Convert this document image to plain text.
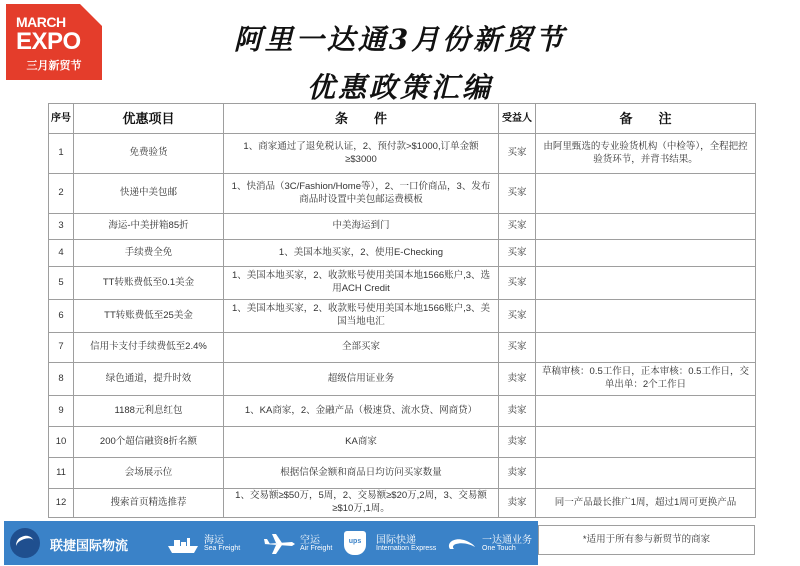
MARCH
EXPO
三月新贸节
阿里一达通3月份新贸节
优惠政策汇编
序号	优惠项目	条　　件	受益人	备　　注
1	免费验货	1、商家通过了退免税认证，2、预付款>$1000,订单金额≥$3000	买家	由阿里甄选的专业验货机构（中检等），全程把控验货环节，并背书结果。
2	快递中美包邮	1、快消品（3C/Fashion/Home等），2、一口价商品，3、发布商品时设置中美包邮运费模板	买家	
3	海运-中美拼箱85折	中美海运到门	买家	
4	手续费全免	1、美国本地买家，2、使用E-Checking	买家	
5	TT转账费低至0.1美金	1、美国本地买家，2、收款账号使用美国本地1566账户,3、选用ACH Credit	买家	
6	TT转账费低至25美金	1、美国本地买家，2、收款账号使用美国本地1566账户,3、美国当地电汇	买家	
7	信用卡支付手续费低至2.4%	全部买家	买家	
8	绿色通道，提升时效	超级信用证业务	卖家	草稿审核：0.5工作日，正本审核：0.5工作日，交单出单：2个工作日
9	1188元利息红包	1、KA商家，2、金融产品（极速贷、流水贷、网商贷）	卖家	
10	200个超信融资8折名额	KA商家	卖家	
11	会场展示位	根据信保金额和商品日均访问买家数量	卖家	
12	搜索首页精选推荐	1、交易额≥$50万，5周，2、交易额≥$20万,2周，3、交易额≥$10万,1周。	卖家	同一产品最长推广1周，超过1周可更换产品
联捷国际物流	海运
Sea Freight
空运
Air Freight
ups	国际快递
Internation Express
一达通业务
One Touch
*适用于所有参与新贸节的商家
